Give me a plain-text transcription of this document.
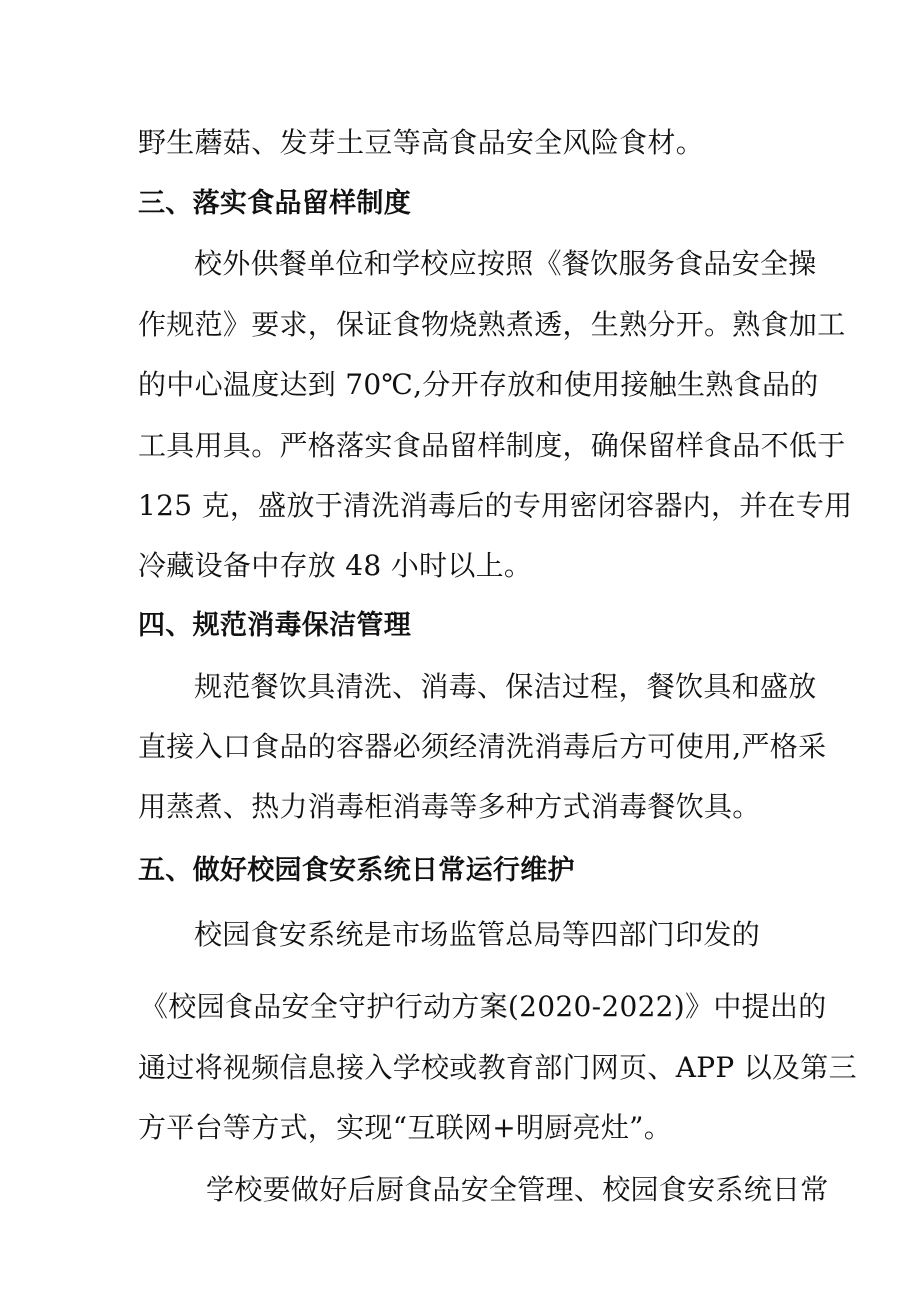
野生蘑菇、发芽土豆等高食品安全风险食材。
三、落实食品留样制度
校外供餐单位和学校应按照《餐饮服务食品安全操
作规范》要求，保证食物烧熟煮透，生熟分开。熟食加工
的中心温度达到 70℃,分开存放和使用接触生熟食品的
工具用具。严格落实食品留样制度，确保留样食品不低于
125 克，盛放于清洗消毒后的专用密闭容器内，并在专用
冷藏设备中存放 48 小时以上。
四、规范消毒保洁管理
规范餐饮具清洗、消毒、保洁过程，餐饮具和盛放
直接入口食品的容器必须经清洗消毒后方可使用,严格采
用蒸煮、热力消毒柜消毒等多种方式消毒餐饮具。
五、做好校园食安系统日常运行维护
校园食安系统是市场监管总局等四部门印发的
《校园食品安全守护行动方案(2020-2022)》中提出的
通过将视频信息接入学校或教育部门网页、APP 以及第三
方平台等方式，实现“互联网+明厨亮灶”。
学校要做好后厨食品安全管理、校园食安系统日常
